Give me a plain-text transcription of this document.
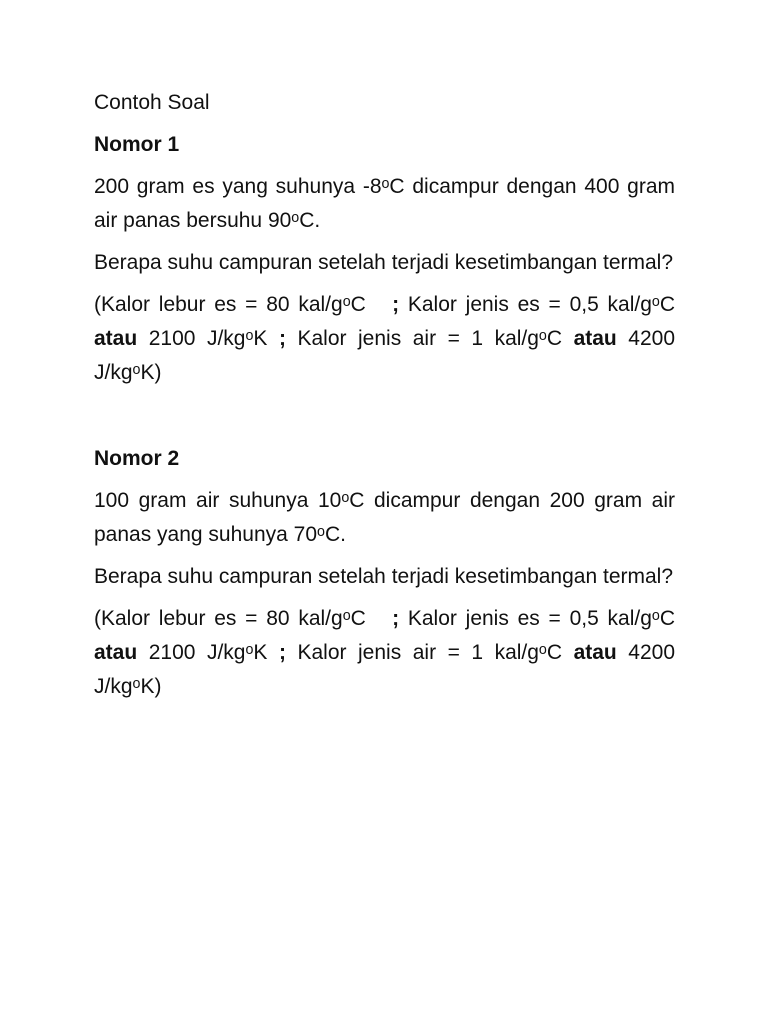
Contoh Soal

Nomor 1

200 gram es yang suhunya -8ᵒC dicampur dengan 400 gram air panas bersuhu 90ᵒC.

Berapa suhu campuran setelah terjadi kesetimbangan termal?

(Kalor lebur es = 80 kal/gᵒC ; Kalor jenis es = 0,5 kal/gᵒC atau 2100 J/kgᵒK ; Kalor jenis air = 1 kal/gᵒC atau 4200 J/kgᵒK)

Nomor 2

100 gram air suhunya 10ᵒC dicampur dengan 200 gram air panas yang suhunya 70ᵒC.

Berapa suhu campuran setelah terjadi kesetimbangan termal?

(Kalor lebur es = 80 kal/gᵒC ; Kalor jenis es = 0,5 kal/gᵒC atau 2100 J/kgᵒK ; Kalor jenis air = 1 kal/gᵒC atau 4200 J/kgᵒK)
